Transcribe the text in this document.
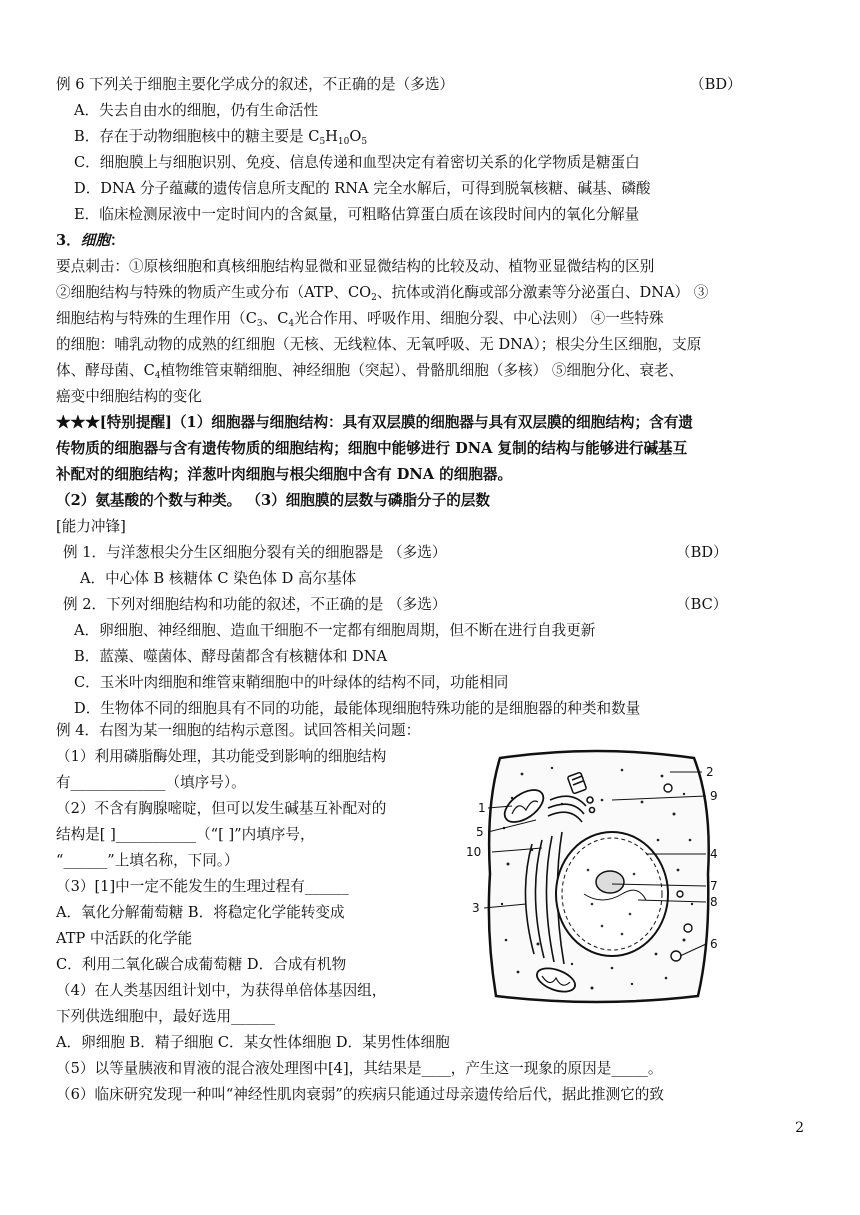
例 6 下列关于细胞主要化学成分的叙述，不正确的是（多选）	（BD）
A．失去自由水的细胞，仍有生命活性
B．存在于动物细胞核中的糖主要是 $C_5H_{10}O_5$
C．细胞膜上与细胞识别、免疫、信息传递和血型决定有着密切关系的化学物质是糖蛋白
D．DNA 分子蕴藏的遗传信息所支配的 RNA 完全水解后，可得到脱氧核糖、碱基、磷酸
E．临床检测尿液中一定时间内的含氮量，可粗略估算蛋白质在该段时间内的氧化分解量
3．细胞：
要点刺击：①原核细胞和真核细胞结构显微和亚显微结构的比较及动、植物亚显微结构的区别
②细胞结构与特殊的物质产生或分布（ATP、$CO_2$、抗体或消化酶或部分激素等分泌蛋白、DNA） ③
细胞结构与特殊的生理作用（$C_3$、$C_4$光合作用、呼吸作用、细胞分裂、中心法则） ④一些特殊
的细胞：哺乳动物的成熟的红细胞（无核、无线粒体、无氧呼吸、无 DNA）；根尖分生区细胞，支原
体、酵母菌、$C_4$植物维管束鞘细胞、神经细胞（突起）、骨骼肌细胞（多核） ⑤细胞分化、衰老、
癌变中细胞结构的变化
★★★[特别提醒]（1）细胞器与细胞结构：具有双层膜的细胞器与具有双层膜的细胞结构；含有遗
传物质的细胞器与含有遗传物质的细胞结构；细胞中能够进行 DNA 复制的结构与能够进行碱基互
补配对的细胞结构；洋葱叶肉细胞与根尖细胞中含有 DNA 的细胞器。
（2）氨基酸的个数与种类。 （3）细胞膜的层数与磷脂分子的层数
[能力冲锋]
例 1．与洋葱根尖分生区细胞分裂有关的细胞器是 （多选）	（BD）
A．中心体 B 核糖体 C 染色体 D 高尔基体
例 2．下列对细胞结构和功能的叙述，不正确的是 （多选）	（BC）
A．卵细胞、神经细胞、造血干细胞不一定都有细胞周期，但不断在进行自我更新
B．蓝藻、噬菌体、酵母菌都含有核糖体和 DNA
C．玉米叶肉细胞和维管束鞘细胞中的叶绿体的结构不同，功能相同
D．生物体不同的细胞具有不同的功能，最能体现细胞特殊功能的是细胞器的种类和数量
例 4．右图为某一细胞的结构示意图。试回答相关问题：
（1）利用磷脂酶处理，其功能受到影响的细胞结构
有_____________（填序号）。
（2）不含有胸腺嘧啶，但可以发生碱基互补配对的
结构是[ ]___________（“[ ]”内填序号，
“______”上填名称，下同。）
（3）[1]中一定不能发生的生理过程有______
A．氧化分解葡萄糖 B．将稳定化学能转变成
ATP 中活跃的化学能
C．利用二氧化碳合成葡萄糖 D．合成有机物
（4）在人类基因组计划中，为获得单倍体基因组，
下列供选细胞中，最好选用______
A．卵细胞 B．精子细胞 C．某女性体细胞 D．某男性体细胞
（5）以等量胰液和胃液的混合液处理图中[4]，其结果是____，产生这一现象的原因是_____。
（6）临床研究发现一种叫“神经性肌肉衰弱”的疾病只能通过母亲遗传给后代，据此推测它的致
1
2
3
4
5
6
7
8
9
10
2
